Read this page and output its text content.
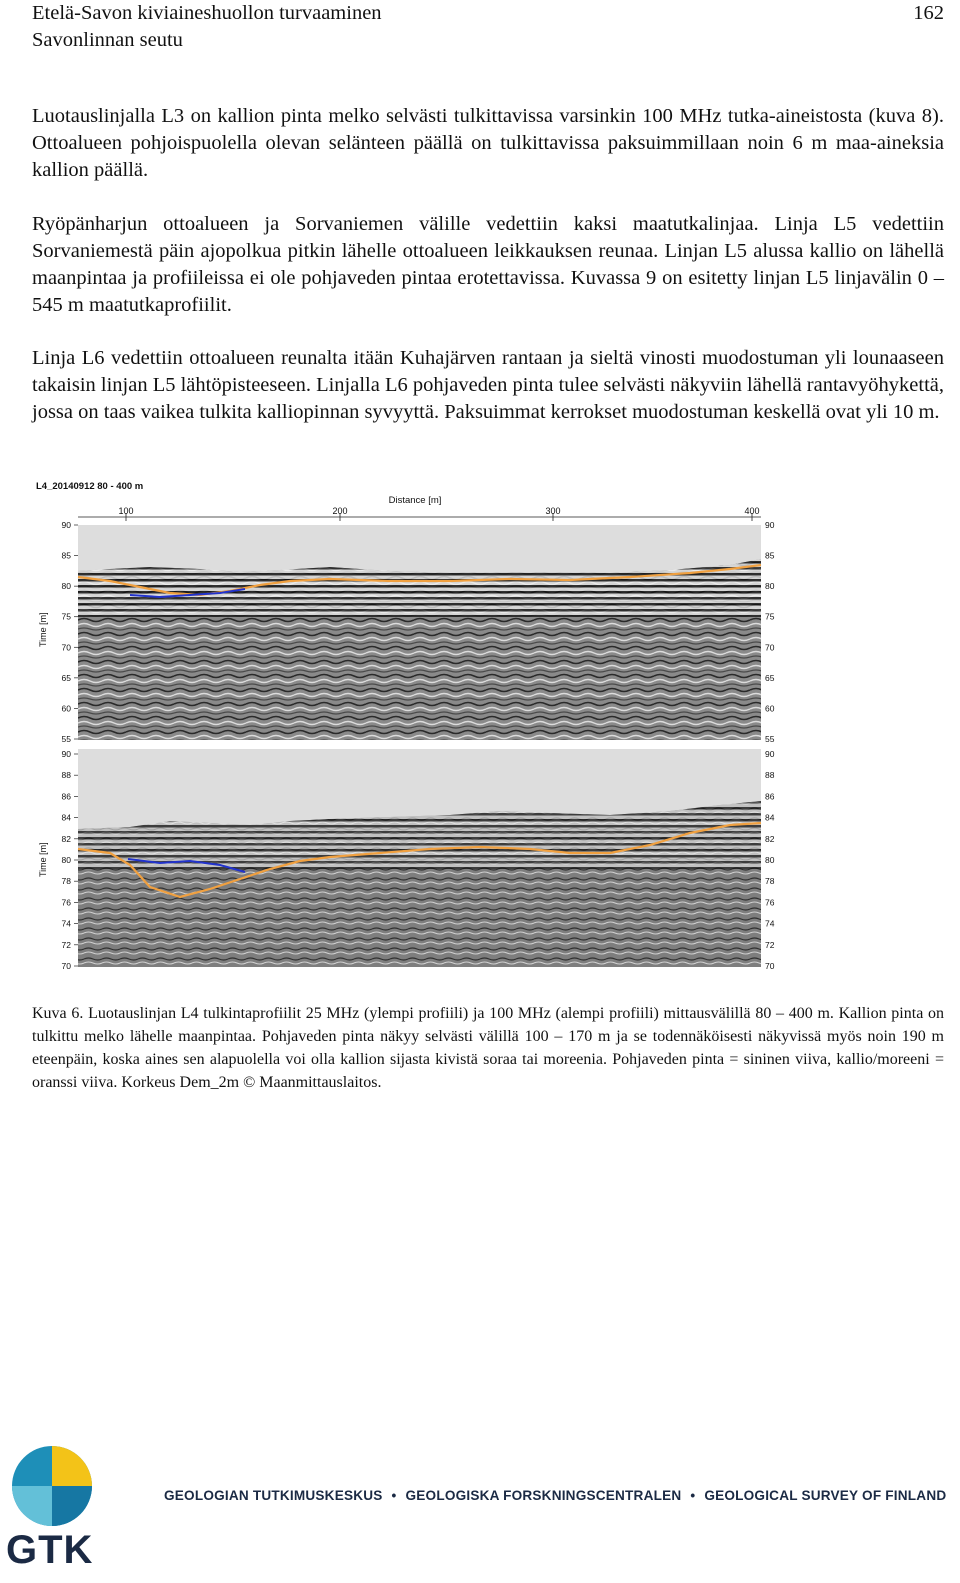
Etelä-Savon kiviaineshuollon turvaaminen
Savonlinnan seutu
162

Luotauslinjalla L3 on kallion pinta melko selvästi tulkittavissa varsinkin 100 MHz tutka-aineistosta (kuva 8). Ottoalueen pohjoispuolella olevan selänteen päällä on tulkittavissa paksuimmillaan noin 6 m maa-aineksia kallion päällä.

Ryöpänharjun ottoalueen ja Sorvaniemen välille vedettiin kaksi maatutkalinjaa. Linja L5 vedettiin Sorvaniemestä päin ajopolkua pitkin lähelle ottoalueen leikkauksen reunaa. Linjan L5 alussa kallio on lähellä maanpintaa ja profiileissa ei ole pohjaveden pintaa erotettavissa. Kuvassa 9 on esitetty linjan L5 linjavälin 0 – 545 m maatutkaprofiilit.

Linja L6 vedettiin ottoalueen reunalta itään Kuhajärven rantaan ja sieltä vinosti muodostuman yli lounaaseen takaisin linjan L5 lähtöpisteeseen. Linjalla L6 pohjaveden pinta tulee selvästi näkyviin lähellä rantavyöhykettä, jossa on taas vaikea tulkita kalliopinnan syvyyttä. Paksuimmat kerrokset muodostuman keskellä ovat yli 10 m.

L4_20140912 80 - 400 m
Distance [m]
100	200	300	400
90	90
85	85
80	80
75	75
70	70
65	65
60	60
55	55
Time [m]
90	90
88	88
86	86
84	84
82	82
80	80
78	78
76	76
74	74
72	72
70	70
Time [m]

Kuva 6. Luotauslinjan L4 tulkintaprofiilit 25 MHz (ylempi profiili) ja 100 MHz (alempi profiili) mittausvälillä 80 – 400 m. Kallion pinta on tulkittu melko lähelle maanpintaa. Pohjaveden pinta näkyy selvästi välillä 100 – 170 m ja se todennäköisesti näkyvissä myös noin 190 m eteenpäin, koska aines sen alapuolella voi olla kallion sijasta kivistä soraa tai moreenia. Pohjaveden pinta = sininen viiva, kallio/moreeni = oranssi viiva. Korkeus Dem_2m © Maanmittauslaitos.

GTK
GEOLOGIAN TUTKIMUSKESKUS • GEOLOGISKA FORSKNINGSCENTRALEN • GEOLOGICAL SURVEY OF FINLAND
